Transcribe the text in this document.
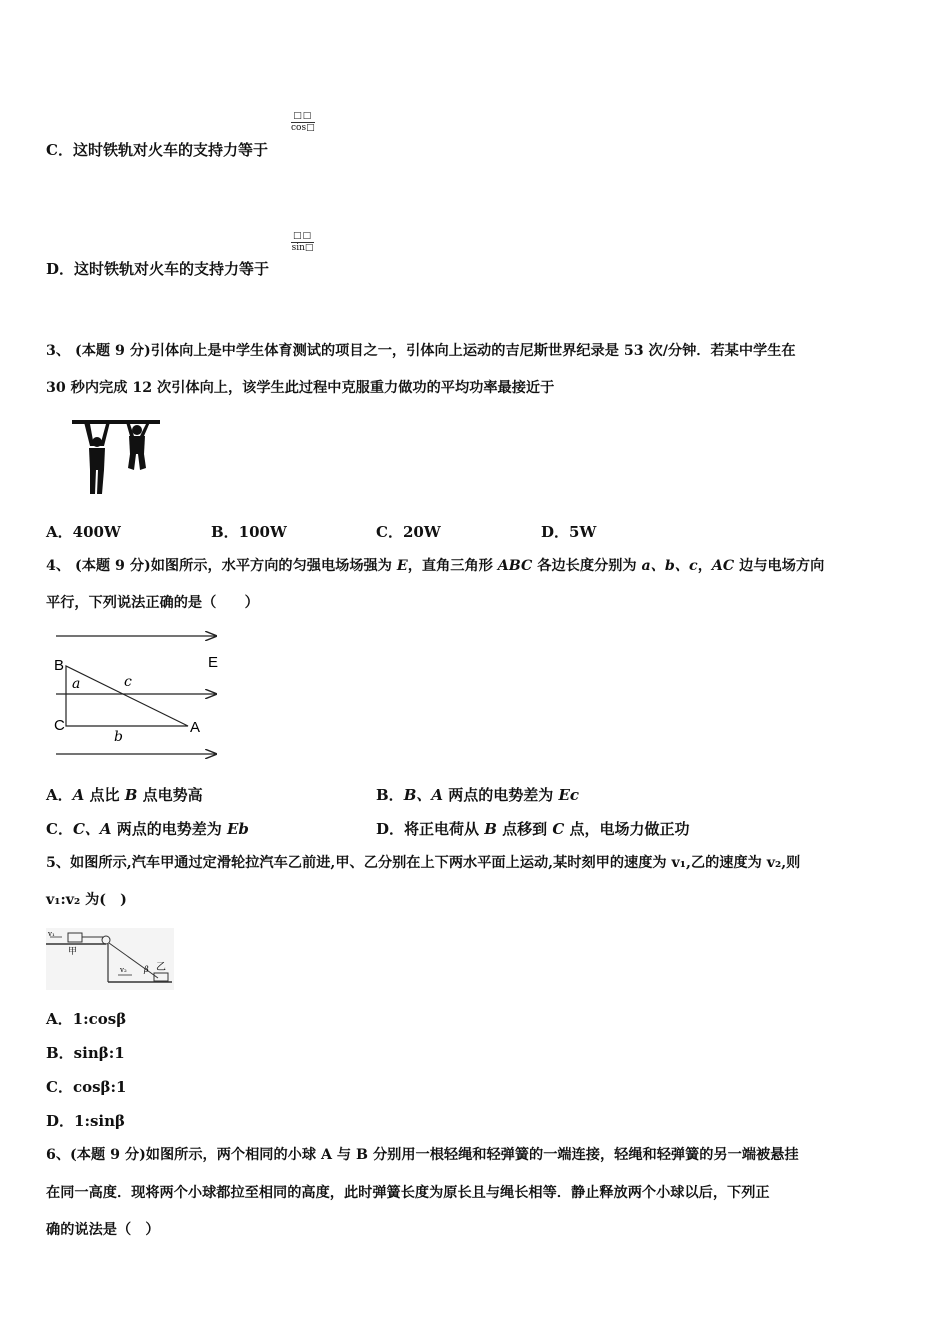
C．这时铁轨对火车的支持力等于
□□
cos□
D．这时铁轨对火车的支持力等于
□□
sin□
3、 (本题 9 分)引体向上是中学生体育测试的项目之一，引体向上运动的吉尼斯世界纪录是 53 次/分钟．若某中学生在
30 秒内完成 12 次引体向上，该学生此过程中克服重力做功的平均功率最接近于
A．400W	B．100W	C．20W	D．5W
4、 (本题 9 分)如图所示，水平方向的匀强电场场强为 E，直角三角形 ABC 各边长度分别为 a、b、c，AC 边与电场方向
平行，下列说法正确的是（　　）
B	E
a	c
C	A
b
A．A 点比 B 点电势高	B．B、A 两点的电势差为 Ec
C．C、A 两点的电势差为 Eb	D．将正电荷从 B 点移到 C 点，电场力做正功
5、如图所示,汽车甲通过定滑轮拉汽车乙前进,甲、乙分别在上下两水平面上运动,某时刻甲的速度为 v₁,乙的速度为 v₂,则
v₁:v₂ 为(　)
v₁
甲
v₂ β 乙
A．1:cosβ
B．sinβ:1
C．cosβ:1
D．1:sinβ
6、(本题 9 分)如图所示，两个相同的小球 A 与 B 分别用一根轻绳和轻弹簧的一端连接，轻绳和轻弹簧的另一端被悬挂
在同一高度．现将两个小球都拉至相同的高度，此时弹簧长度为原长且与绳长相等．静止释放两个小球以后，下列正
确的说法是（　）
